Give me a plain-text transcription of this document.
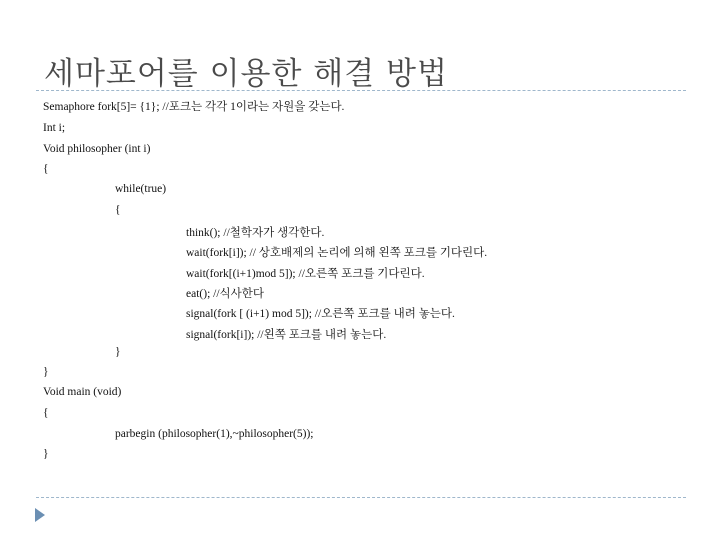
세마포어를 이용한 해결 방법
Semaphore fork[5]= {1}; //포크는 각각 1이라는 자원을 갖는다.
Int i;
Void philosopher (int i)
{
while(true)
{
think(); //철학자가 생각한다.
wait(fork[i]); // 상호배제의 논리에 의해 왼쪽 포크를 기다린다.
wait(fork[(i+1)mod 5]); //오른쪽 포크를 기다린다.
eat(); //식사한다
signal(fork [ (i+1) mod 5]); //오른쪽 포크를 내려 놓는다.
signal(fork[i]); //왼쪽 포크를 내려 놓는다.
}
}
Void main (void)
{
parbegin (philosopher(1),~philosopher(5));
}
